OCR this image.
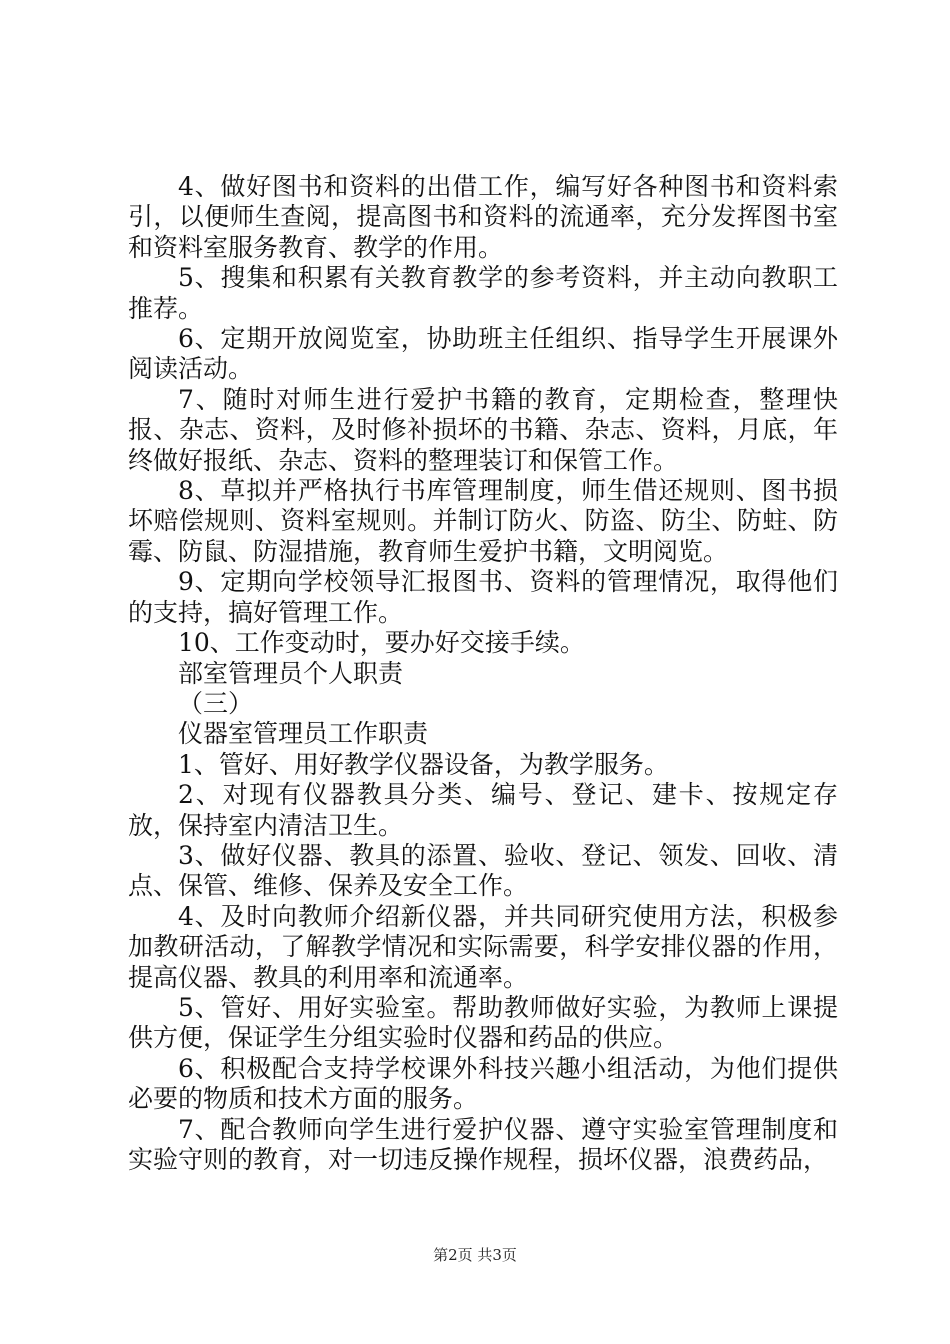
4、做好图书和资料的出借工作，编写好各种图书和资料索引，以便师生查阅，提高图书和资料的流通率，充分发挥图书室和资料室服务教育、教学的作用。

5、搜集和积累有关教育教学的参考资料，并主动向教职工推荐。

6、定期开放阅览室，协助班主任组织、指导学生开展课外阅读活动。

7、随时对师生进行爱护书籍的教育，定期检查，整理快报、杂志、资料，及时修补损坏的书籍、杂志、资料，月底，年终做好报纸、杂志、资料的整理装订和保管工作。

8、草拟并严格执行书库管理制度，师生借还规则、图书损坏赔偿规则、资料室规则。并制订防火、防盗、防尘、防蛀、防霉、防鼠、防湿措施，教育师生爱护书籍，文明阅览。

9、定期向学校领导汇报图书、资料的管理情况，取得他们的支持，搞好管理工作。

10、工作变动时，要办好交接手续。

部室管理员个人职责

（三）

仪器室管理员工作职责

1、管好、用好教学仪器设备，为教学服务。

2、对现有仪器教具分类、编号、登记、建卡、按规定存放，保持室内清洁卫生。

3、做好仪器、教具的添置、验收、登记、领发、回收、清点、保管、维修、保养及安全工作。

4、及时向教师介绍新仪器，并共同研究使用方法，积极参加教研活动，了解教学情况和实际需要，科学安排仪器的作用，提高仪器、教具的利用率和流通率。

5、管好、用好实验室。帮助教师做好实验，为教师上课提供方便，保证学生分组实验时仪器和药品的供应。

6、积极配合支持学校课外科技兴趣小组活动，为他们提供必要的物质和技术方面的服务。

7、配合教师向学生进行爱护仪器、遵守实验室管理制度和实验守则的教育，对一切违反操作规程，损坏仪器，浪费药品，

第2页 共3页
